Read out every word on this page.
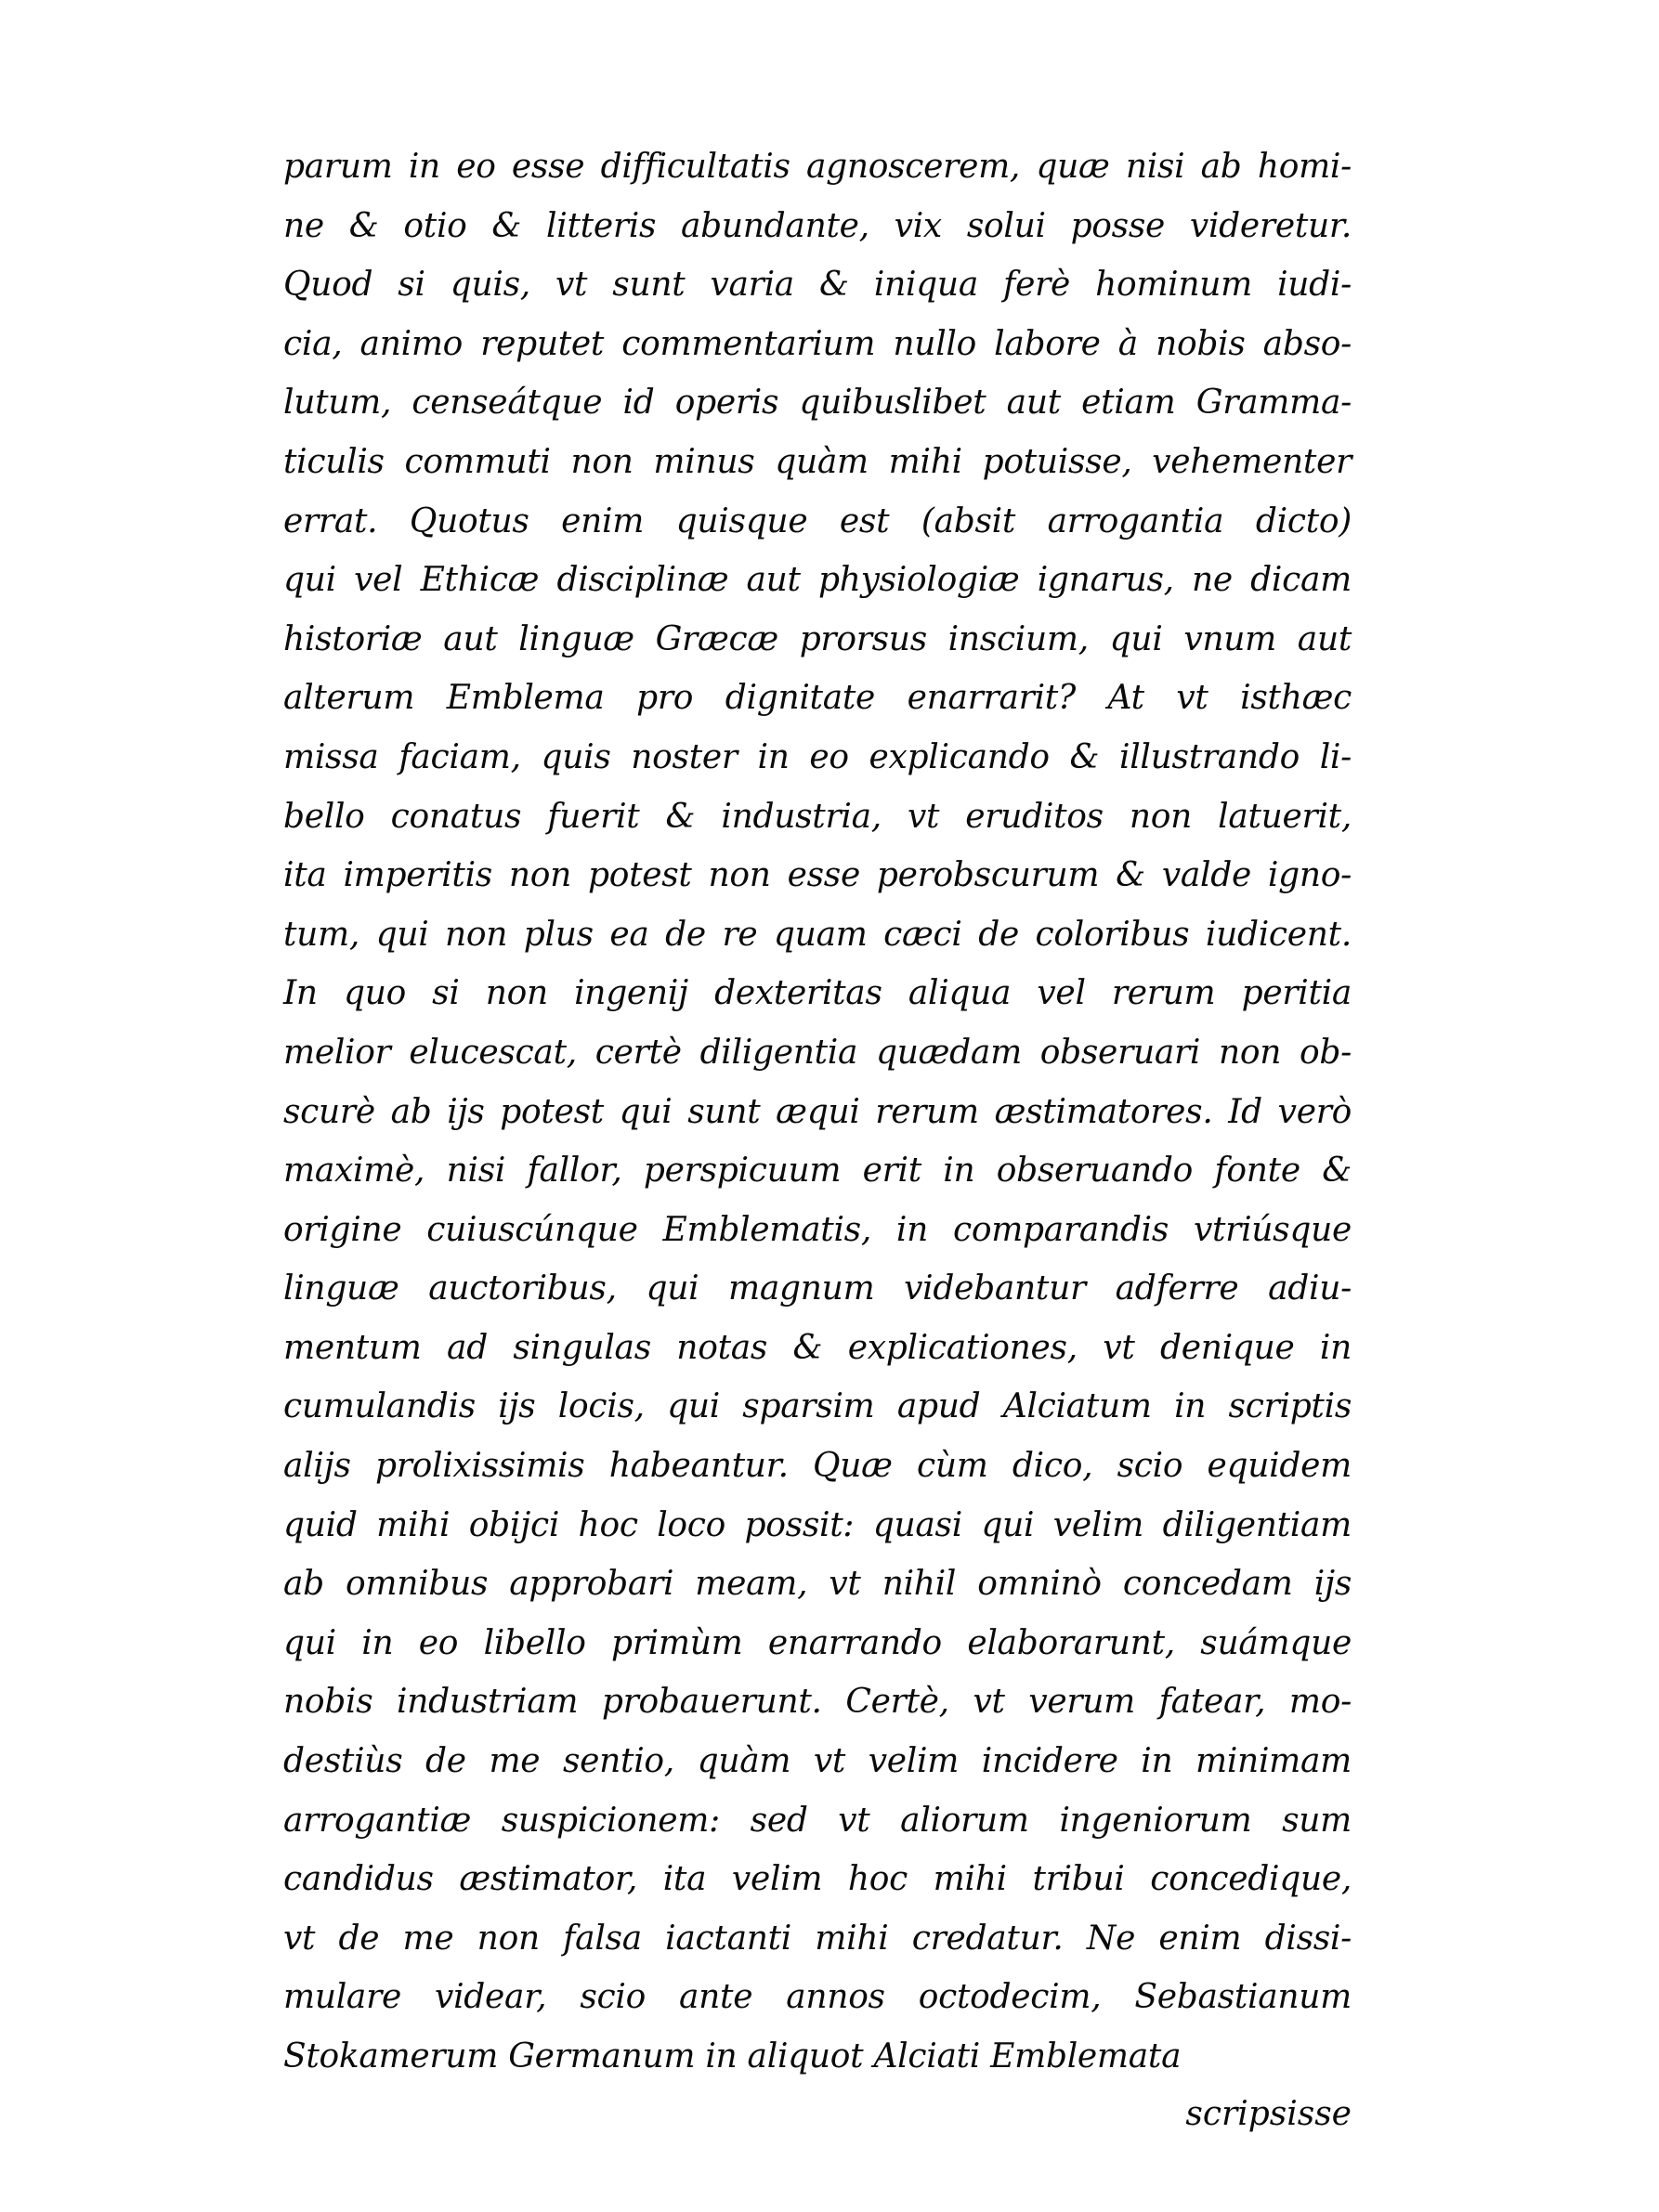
parum in eo esse difficultatis agnoscerem, quæ nisi ab homi-
ne & otio & litteris abundante, vix solui posse videretur.
Quod si quis, vt sunt varia & iniqua ferè hominum iudi-
cia, animo reputet commentarium nullo labore à nobis abso-
lutum, censeátque id operis quibuslibet aut etiam Gramma-
ticulis commuti non minus quàm mihi potuisse, vehementer
errat. Quotus enim quisque est (absit arrogantia dicto)
qui vel Ethicæ disciplinæ aut physiologiæ ignarus, ne dicam
historiæ aut linguæ Græcæ prorsus inscium, qui vnum aut
alterum Emblema pro dignitate enarrarit? At vt isthæc
missa faciam, quis noster in eo explicando & illustrando li-
bello conatus fuerit & industria, vt eruditos non latuerit,
ita imperitis non potest non esse perobscurum & valde igno-
tum, qui non plus ea de re quam cæci de coloribus iudicent.
In quo si non ingenij dexteritas aliqua vel rerum peritia
melior elucescat, certè diligentia quædam obseruari non ob-
scurè ab ijs potest qui sunt æqui rerum æstimatores. Id verò
maximè, nisi fallor, perspicuum erit in obseruando fonte &
origine cuiuscúnque Emblematis, in comparandis vtriúsque
linguæ auctoribus, qui magnum videbantur adferre adiu-
mentum ad singulas notas & explicationes, vt denique in
cumulandis ijs locis, qui sparsim apud Alciatum in scriptis
alijs prolixissimis habeantur. Quæ cùm dico, scio equidem
quid mihi obijci hoc loco possit: quasi qui velim diligentiam
ab omnibus approbari meam, vt nihil omninò concedam ijs
qui in eo libello primùm enarrando elaborarunt, suámque
nobis industriam probauerunt. Certè, vt verum fatear, mo-
destiùs de me sentio, quàm vt velim incidere in minimam
arrogantiæ suspicionem: sed vt aliorum ingeniorum sum
candidus æstimator, ita velim hoc mihi tribui concedique,
vt de me non falsa iactanti mihi credatur. Ne enim dissi-
mulare videar, scio ante annos octodecim, Sebastianum
Stokamerum Germanum in aliquot Alciati Emblemata
scripsisse
